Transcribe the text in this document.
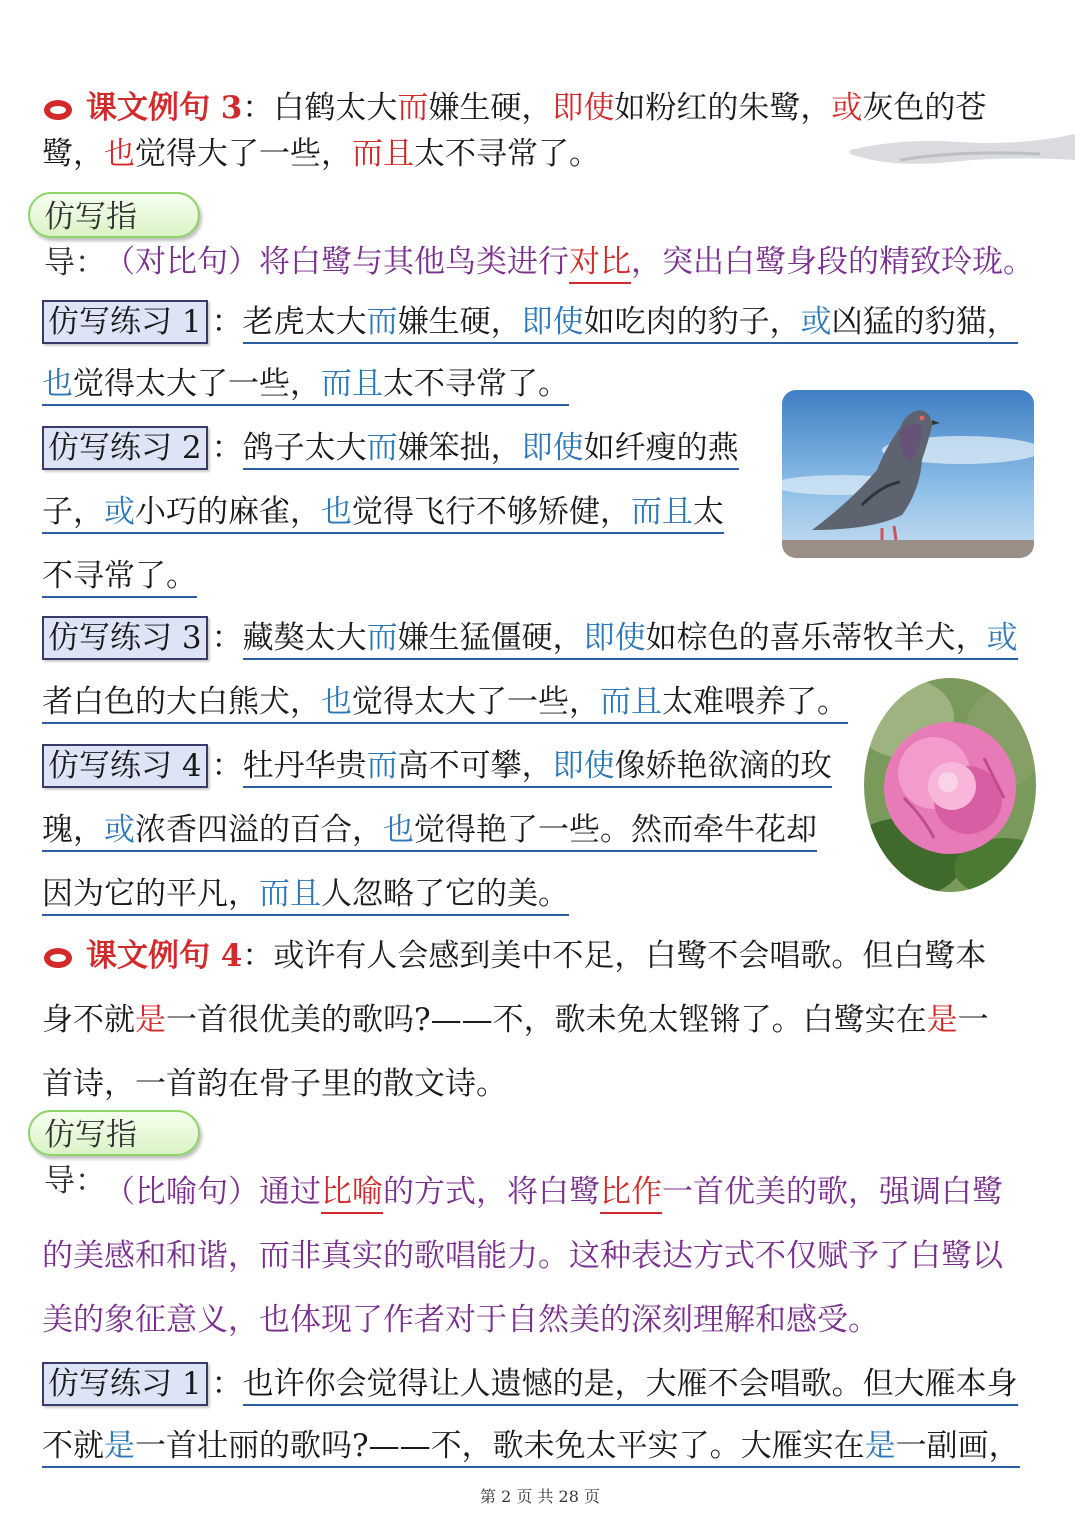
课文例句 3：白鹤太大而嫌生硬，即使如粉红的朱鹭，或灰色的苍
鹭，也觉得大了一些，而且太不寻常了。
仿写指导：
（对比句）将白鹭与其他鸟类进行对比，突出白鹭身段的精致玲珑。
仿写练习 1 ：老虎太大而嫌生硬，即使如吃肉的豹子，或凶猛的豹猫，
也觉得太大了一些，而且太不寻常了。
仿写练习 2 ：鸽子太大而嫌笨拙，即使如纤瘦的燕
子，或小巧的麻雀，也觉得飞行不够矫健，而且太
不寻常了。
仿写练习 3 ：藏獒太大而嫌生猛僵硬，即使如棕色的喜乐蒂牧羊犬，或
者白色的大白熊犬，也觉得太大了一些，而且太难喂养了。
仿写练习 4 ：牡丹华贵而高不可攀，即使像娇艳欲滴的玫
瑰，或浓香四溢的百合，也觉得艳了一些。然而牵牛花却
因为它的平凡，而且人忽略了它的美。
课文例句 4：或许有人会感到美中不足，白鹭不会唱歌。但白鹭本
身不就是一首很优美的歌吗?——不，歌未免太铿锵了。白鹭实在是一
首诗，一首韵在骨子里的散文诗。
仿写指导：
（比喻句）通过比喻的方式，将白鹭比作一首优美的歌，强调白鹭
的美感和和谐，而非真实的歌唱能力。这种表达方式不仅赋予了白鹭以
美的象征意义，也体现了作者对于自然美的深刻理解和感受。
仿写练习 1 ：也许你会觉得让人遗憾的是，大雁不会唱歌。但大雁本身
不就是一首壮丽的歌吗?——不，歌未免太平实了。大雁实在是一副画，
第 2 页 共 28 页
